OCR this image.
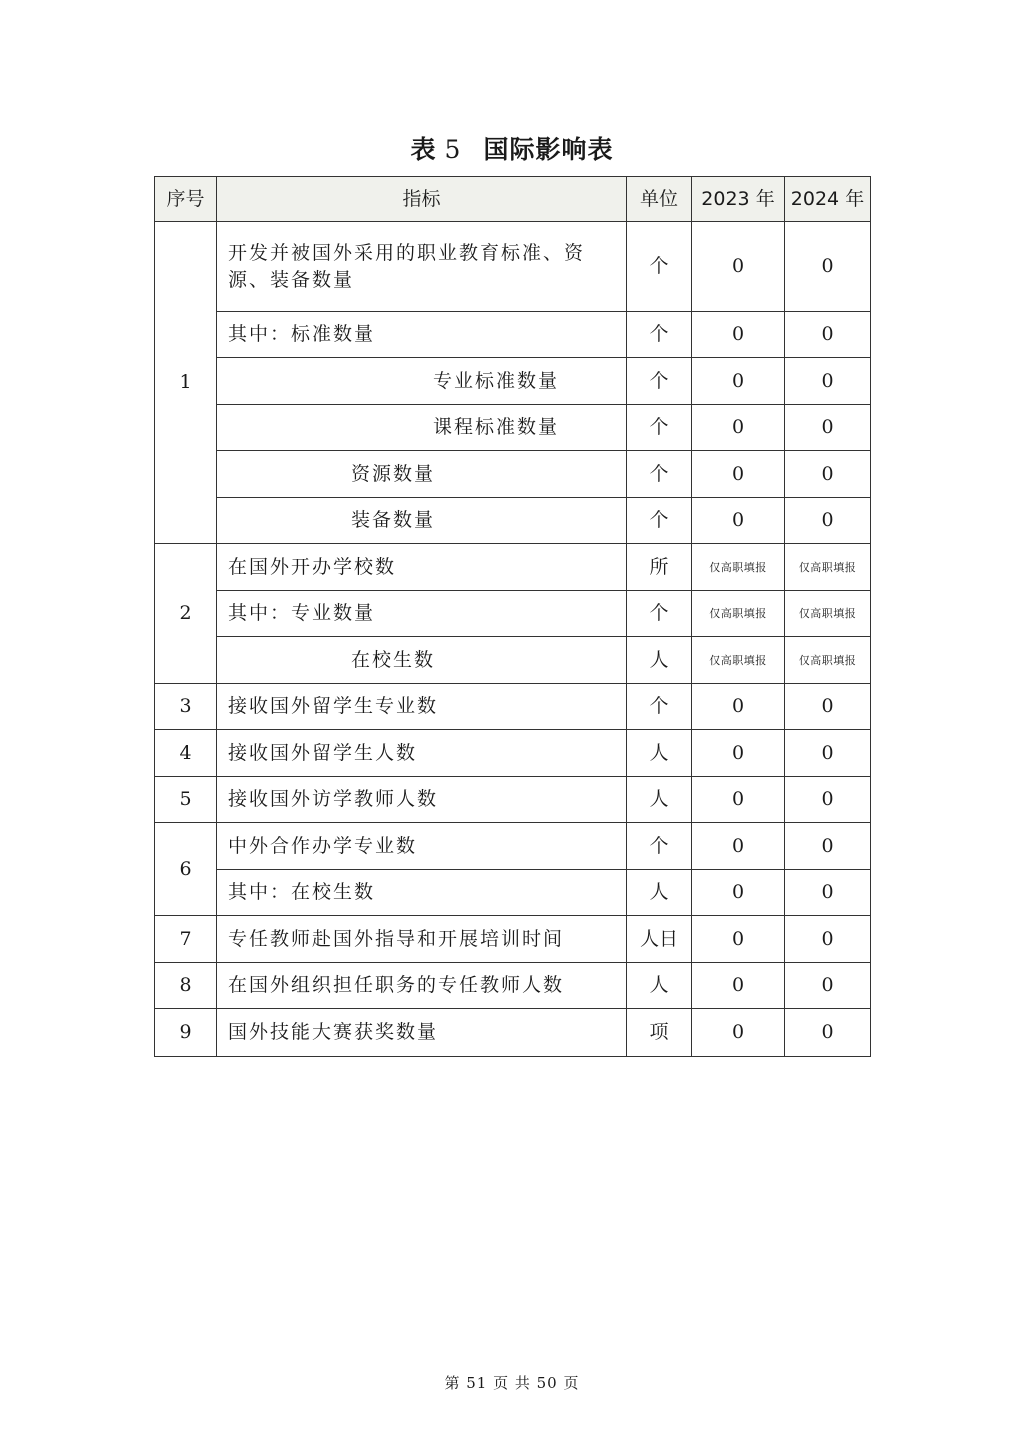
表 5 国际影响表
序号	指标	单位	2023 年	2024 年
1	开发并被国外采用的职业教育标准、资源、装备数量	个	0	0
	其中：标准数量	个	0	0
	专业标准数量	个	0	0
	课程标准数量	个	0	0
	资源数量	个	0	0
	装备数量	个	0	0
2	在国外开办学校数	所	仅高职填报	仅高职填报
	其中：专业数量	个	仅高职填报	仅高职填报
	在校生数	人	仅高职填报	仅高职填报
3	接收国外留学生专业数	个	0	0
4	接收国外留学生人数	人	0	0
5	接收国外访学教师人数	人	0	0
6	中外合作办学专业数	个	0	0
	其中：在校生数	人	0	0
7	专任教师赴国外指导和开展培训时间	人日	0	0
8	在国外组织担任职务的专任教师人数	人	0	0
9	国外技能大赛获奖数量	项	0	0
第 51 页 共 50 页
